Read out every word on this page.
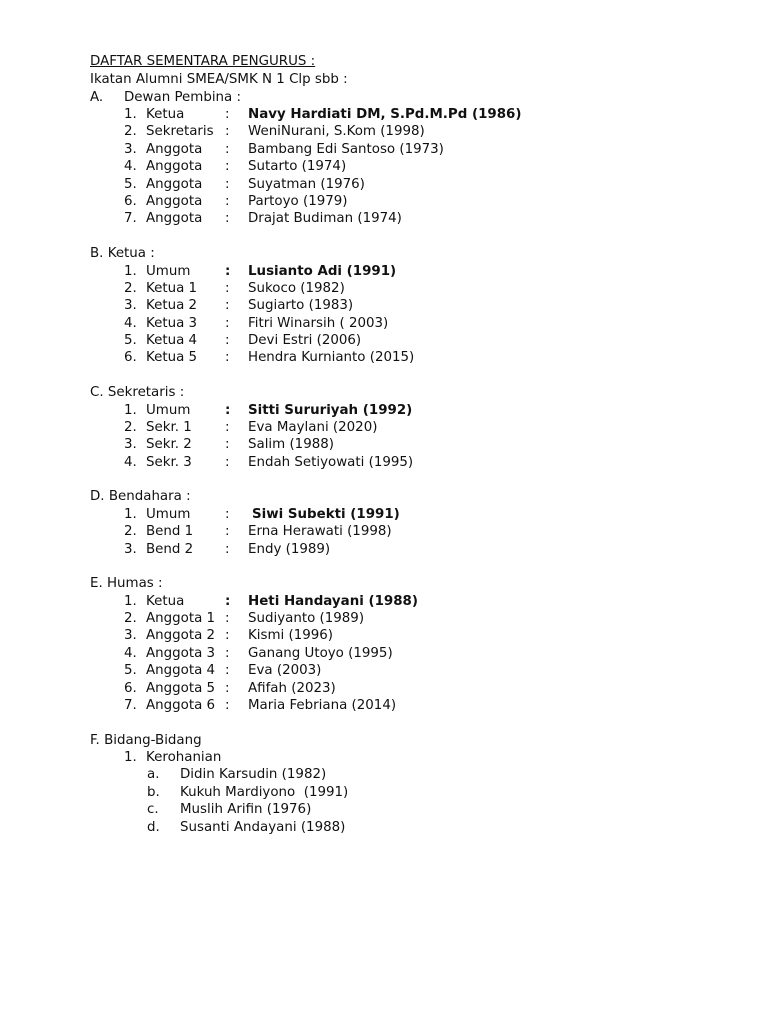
DAFTAR SEMENTARA PENGURUS :
Ikatan Alumni SMEA/SMK N 1 Clp sbb :
A. Dewan Pembina :
1. Ketua	: Navy Hardiati DM, S.Pd.M.Pd (1986)
2. Sekretaris : WeniNurani, S.Kom (1998)
3. Anggota : Bambang Edi Santoso (1973)
4. Anggota : Sutarto (1974)
5. Anggota : Suyatman (1976)
6. Anggota : Partoyo (1979)
7. Anggota : Drajat Budiman (1974)
B. Ketua :
1. Umum	: Lusianto Adi (1991)
2. Ketua 1 : Sukoco (1982)
3. Ketua 2 : Sugiarto (1983)
4. Ketua 3 : Fitri Winarsih ( 2003)
5. Ketua 4 : Devi Estri (2006)
6. Ketua 5 : Hendra Kurnianto (2015)
C. Sekretaris :
1. Umum	: Sitti Sururiyah (1992)
2. Sekr. 1 : Eva Maylani (2020)
3. Sekr. 2 : Salim (1988)
4. Sekr. 3 : Endah Setiyowati (1995)
D. Bendahara :
1. Umum	: Siwi Subekti (1991)
2. Bend 1 : Erna Herawati (1998)
3. Bend 2 : Endy (1989)
E. Humas :
1. Ketua	: Heti Handayani (1988)
2. Anggota 1 : Sudiyanto (1989)
3. Anggota 2 : Kismi (1996)
4. Anggota 3 : Ganang Utoyo (1995)
5. Anggota 4 : Eva (2003)
6. Anggota 5 : Afifah (2023)
7. Anggota 6 : Maria Febriana (2014)
F. Bidang-Bidang
1. Kerohanian
a. Didin Karsudin (1982)
b. Kukuh Mardiyono  (1991)
c. Muslih Arifin (1976)
d. Susanti Andayani (1988)
